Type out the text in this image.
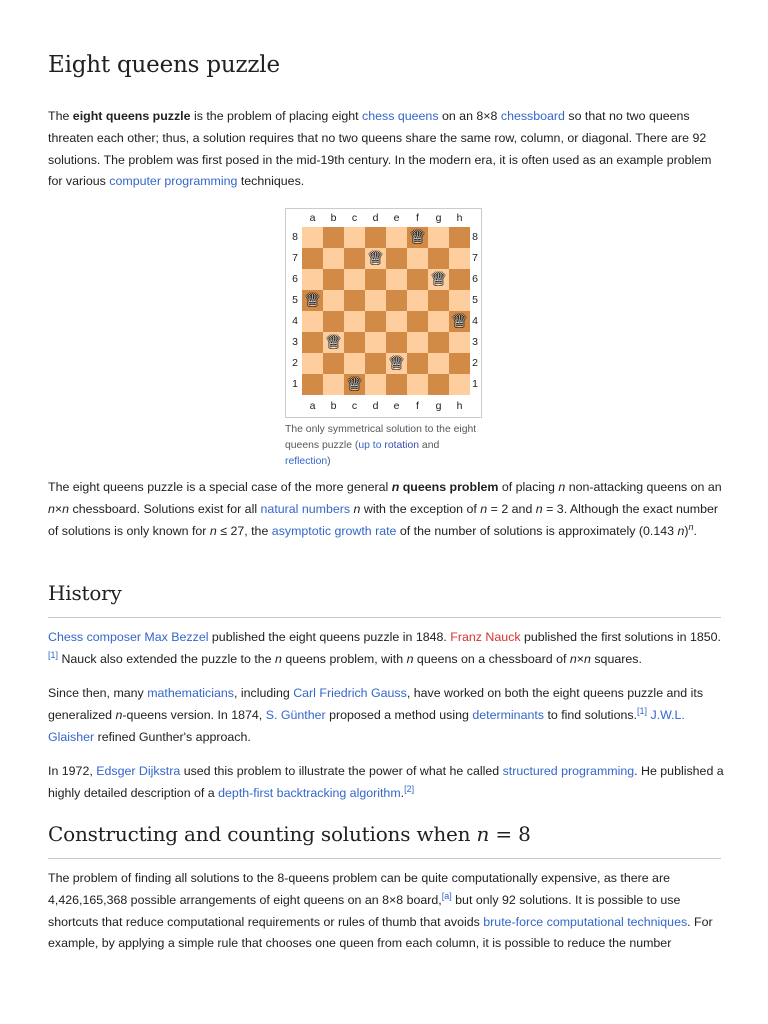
Eight queens puzzle

The eight queens puzzle is the problem of placing eight chess queens on an 8×8 chessboard so that no two queens threaten each other; thus, a solution requires that no two queens share the same row, column, or diagonal. There are 92 solutions. The problem was first posed in the mid-19th century. In the modern era, it is often used as an example problem for various computer programming techniques.

a	b	c	d	e	f	g	h
8
7
6
5
4
3
2
1
♕
♕
♕
♕
♕
♕
♕
♕
8
7
6
5
4
3
2
1
a	b	c	d	e	f	g	h
The only symmetrical solution to the eight queens puzzle (up to rotation and reflection)

The eight queens puzzle is a special case of the more general n queens problem of placing n non-attacking queens on an n×n chessboard. Solutions exist for all natural numbers n with the exception of n = 2 and n = 3. Although the exact number of solutions is only known for n ≤ 27, the asymptotic growth rate of the number of solutions is approximately (0.143 n)$^n$.

History

Chess composer Max Bezzel published the eight queens puzzle in 1848. Franz Nauck published the first solutions in 1850.[1] Nauck also extended the puzzle to the n queens problem, with n queens on a chessboard of n×n squares.

Since then, many mathematicians, including Carl Friedrich Gauss, have worked on both the eight queens puzzle and its generalized n-queens version. In 1874, S. Günther proposed a method using determinants to find solutions.[1] J.W.L. Glaisher refined Gunther's approach.

In 1972, Edsger Dijkstra used this problem to illustrate the power of what he called structured programming. He published a highly detailed description of a depth-first backtracking algorithm.[2]

Constructing and counting solutions when n = 8

The problem of finding all solutions to the 8-queens problem can be quite computationally expensive, as there are 4,426,165,368 possible arrangements of eight queens on an 8×8 board,[a] but only 92 solutions. It is possible to use shortcuts that reduce computational requirements or rules of thumb that avoids brute-force computational techniques. For example, by applying a simple rule that chooses one queen from each column, it is possible to reduce the number
